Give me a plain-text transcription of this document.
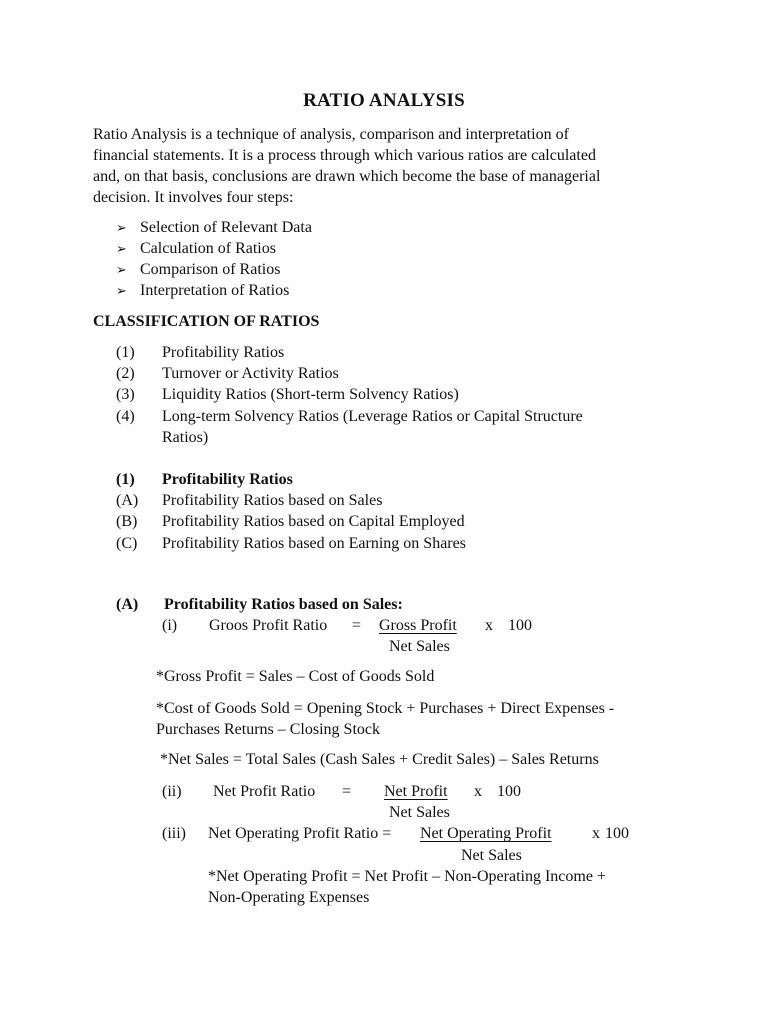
RATIO ANALYSIS
Ratio Analysis is a technique of analysis, comparison and interpretation of
financial statements. It is a process through which various ratios are calculated
and, on that basis, conclusions are drawn which become the base of managerial
decision. It involves four steps:
➢ Selection of Relevant Data
➢ Calculation of Ratios
➢ Comparison of Ratios
➢ Interpretation of Ratios
CLASSIFICATION OF RATIOS
(1) Profitability Ratios
(2) Turnover or Activity Ratios
(3) Liquidity Ratios (Short-term Solvency Ratios)
(4) Long-term Solvency Ratios (Leverage Ratios or Capital Structure
Ratios)
(1) Profitability Ratios
(A) Profitability Ratios based on Sales
(B) Profitability Ratios based on Capital Employed
(C) Profitability Ratios based on Earning on Shares
(A) Profitability Ratios based on Sales:
(i) Groos Profit Ratio = Gross Profit x 100
Net Sales
*Gross Profit = Sales – Cost of Goods Sold
*Cost of Goods Sold = Opening Stock + Purchases + Direct Expenses -
Purchases Returns – Closing Stock
*Net Sales = Total Sales (Cash Sales + Credit Sales) – Sales Returns
(ii) Net Profit Ratio = Net Profit x 100
Net Sales
(iii) Net Operating Profit Ratio = Net Operating Profit	x 100
Net Sales
*Net Operating Profit = Net Profit – Non-Operating Income +
Non-Operating Expenses
